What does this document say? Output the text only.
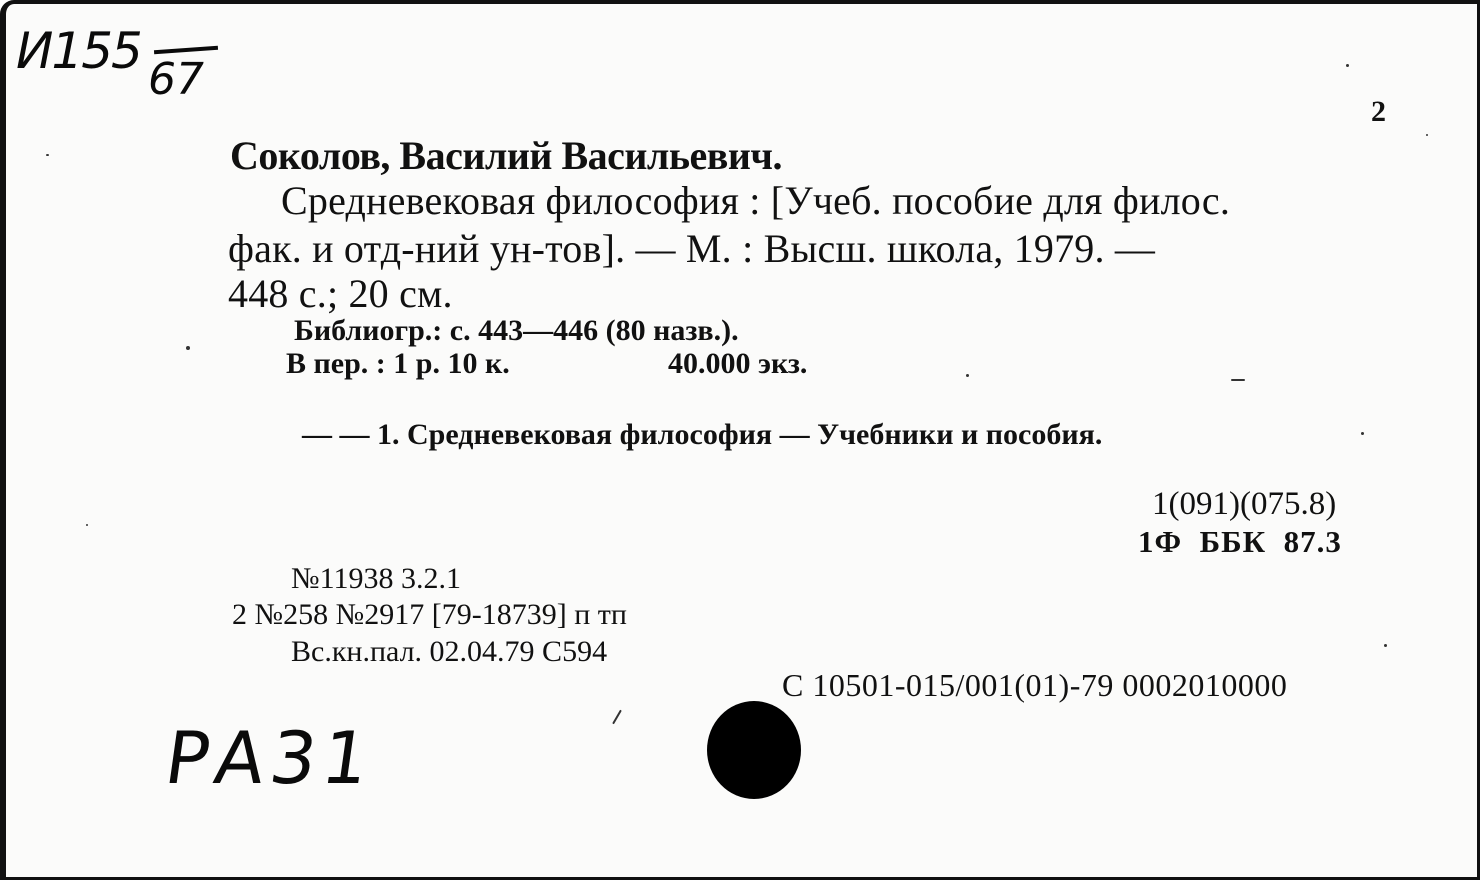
И155 67
2
Соколов, Василий Васильевич.
Средневековая философия : [Учеб. пособие для филос.
фак. и отд-ний ун-тов]. — М. : Высш. школа, 1979. —
448 с.; 20 см.
Библиогр.: с. 443—446 (80 назв.).
В пер. : 1 р. 10 к.	40.000 экз.
— — 1. Средневековая философия — Учебники и пособия.
1(091)(075.8)
1Ф  ББК  87.3
№11938 3.2.1
2 №258 №2917 [79-18739] п тп
Вс.кн.пал. 02.04.79 С594
С 10501-015/001(01)-79 0002010000
РА31
